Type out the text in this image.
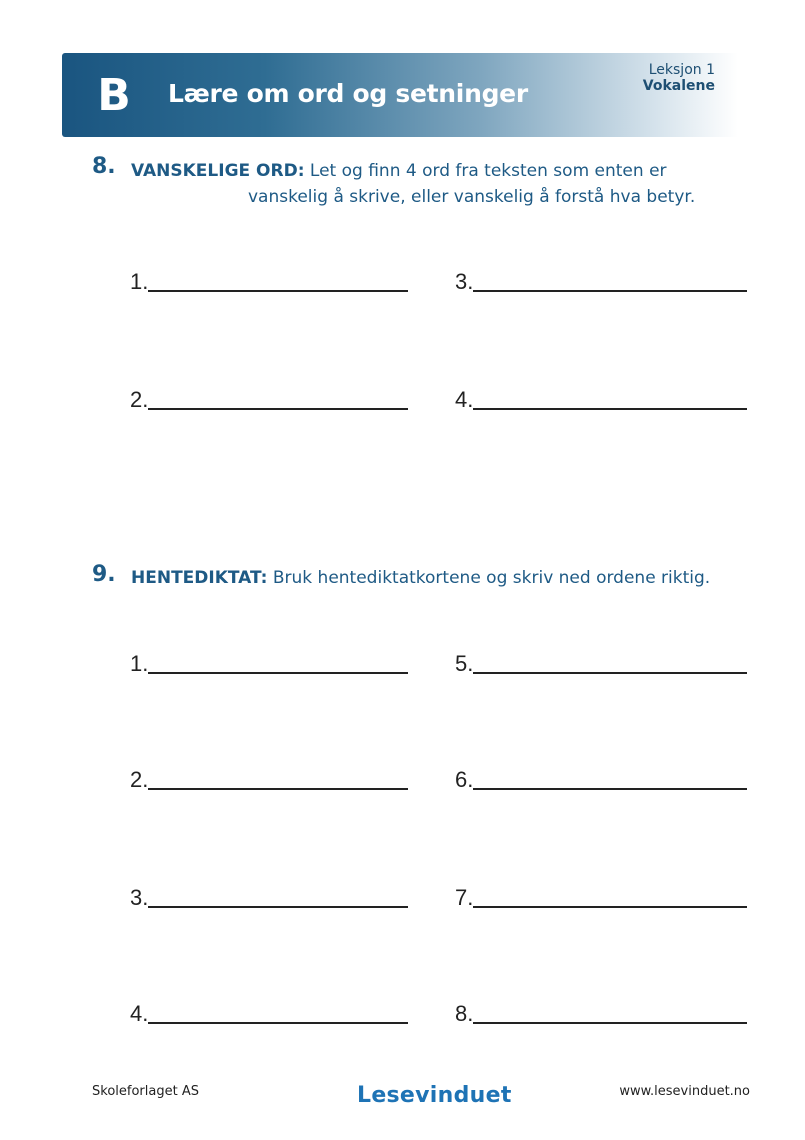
B Lære om ord og setninger
Leksjon 1
Vokalene
8. VANSKELIGE ORD: Let og finn 4 ord fra teksten som enten er
vanskelig å skrive, eller vanskelig å forstå hva betyr.
1.
2.
3.
4.
9. HENTEDIKTAT: Bruk hentediktatkortene og skriv ned ordene riktig.
1.
2.
3.
4.
5.
6.
7.
8.
Skoleforlaget AS	Lesevinduet	www.lesevinduet.no
